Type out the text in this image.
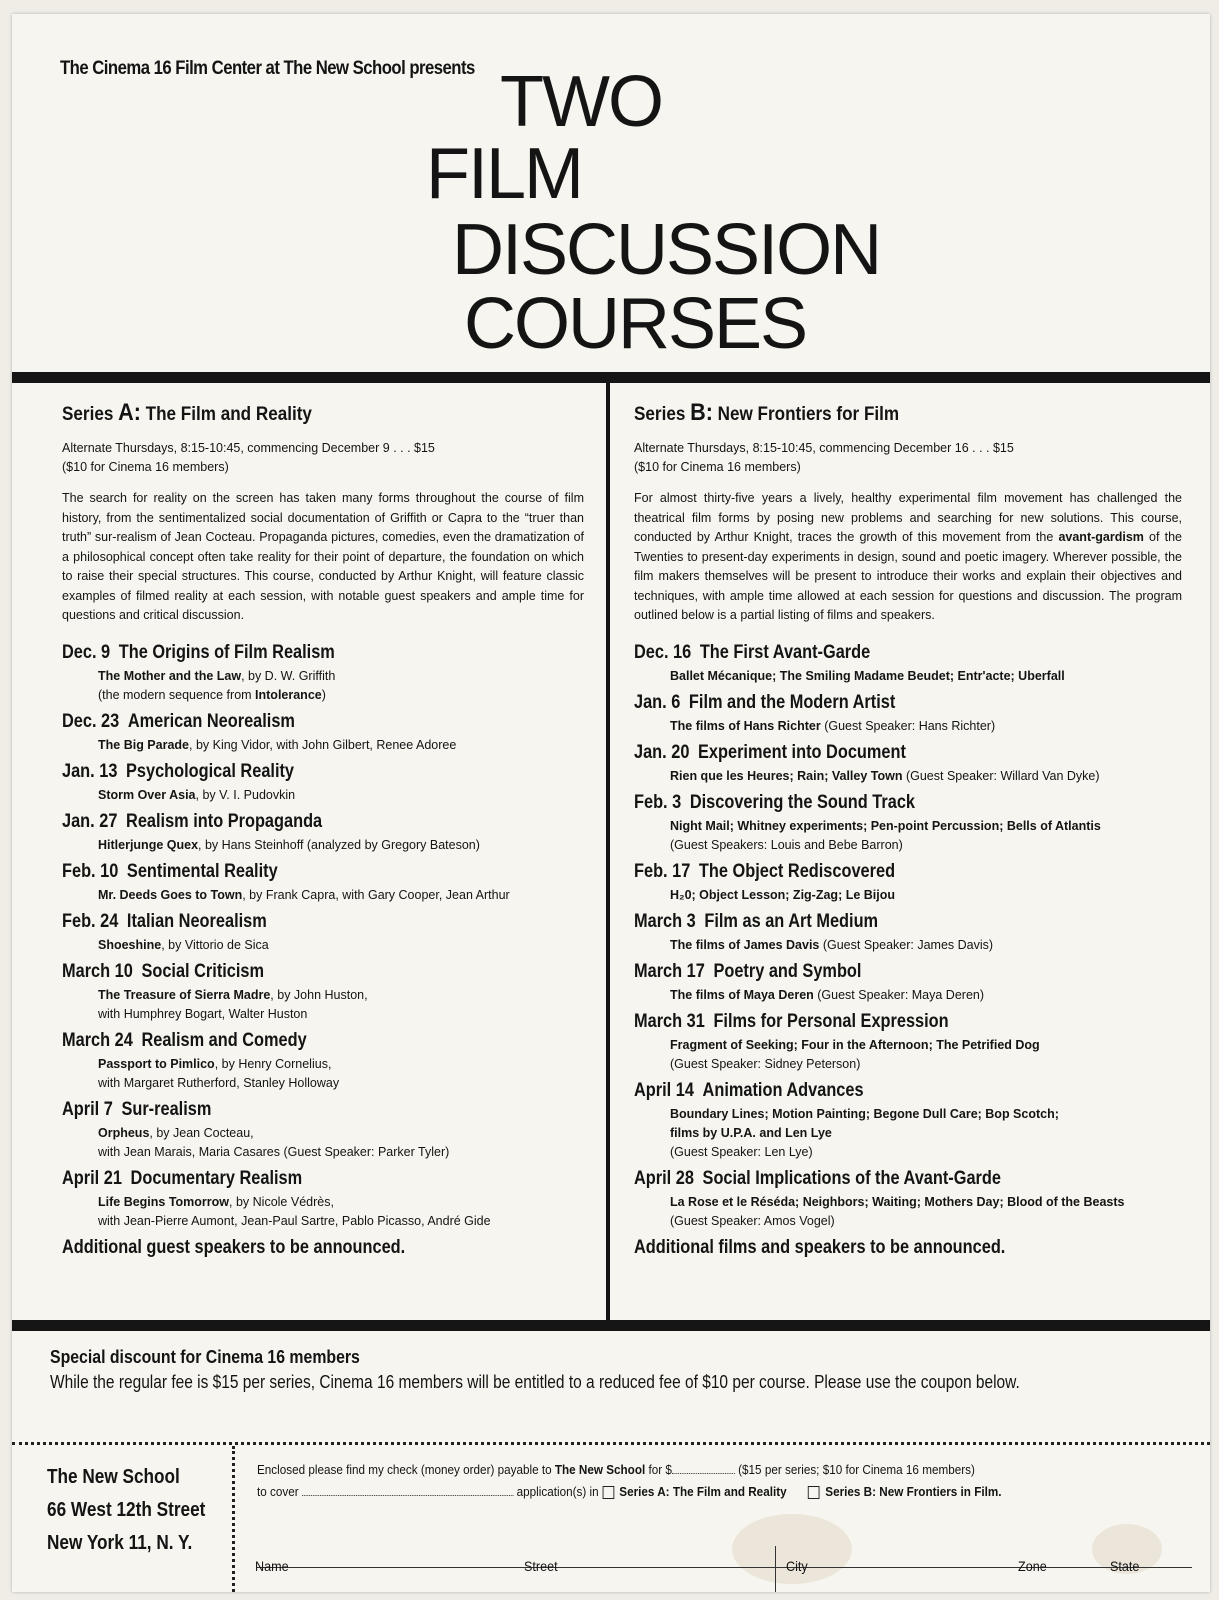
The Cinema 16 Film Center at The New School presents TWO
FILM
DISCUSSION
COURSES
Series A: The Film and Reality

Alternate Thursdays, 8:15-10:45, commencing December 9 . . . $15

($10 for Cinema 16 members)

The search for reality on the screen has taken many forms throughout the course of film history, from the sentimentalized social documentation of Griffith or Capra to the “truer than truth” sur-realism of Jean Cocteau. Propaganda pictures, comedies, even the dramatization of a philosophical concept often take reality for their point of departure, the foundation on which to raise their special structures. This course, conducted by Arthur Knight, will feature classic examples of filmed reality at each session, with notable guest speakers and ample time for questions and critical discussion.

Dec. 9 The Origins of Film Realism
The Mother and the Law, by D. W. Griffith
(the modern sequence from Intolerance)
Dec. 23 American Neorealism
The Big Parade, by King Vidor, with John Gilbert, Renee Adoree
Jan. 13 Psychological Reality
Storm Over Asia, by V. I. Pudovkin
Jan. 27 Realism into Propaganda
Hitlerjunge Quex, by Hans Steinhoff (analyzed by Gregory Bateson)
Feb. 10 Sentimental Reality
Mr. Deeds Goes to Town, by Frank Capra, with Gary Cooper, Jean Arthur
Feb. 24 Italian Neorealism
Shoeshine, by Vittorio de Sica
March 10 Social Criticism
The Treasure of Sierra Madre, by John Huston,
with Humphrey Bogart, Walter Huston
March 24 Realism and Comedy
Passport to Pimlico, by Henry Cornelius,
with Margaret Rutherford, Stanley Holloway
April 7 Sur-realism
Orpheus, by Jean Cocteau,
with Jean Marais, Maria Casares (Guest Speaker: Parker Tyler)
April 21 Documentary Realism
Life Begins Tomorrow, by Nicole Védrès,
with Jean-Pierre Aumont, Jean-Paul Sartre, Pablo Picasso, André Gide
Additional guest speakers to be announced.
Series B: New Frontiers for Film

Alternate Thursdays, 8:15-10:45, commencing December 16 . . . $15

($10 for Cinema 16 members)

For almost thirty-five years a lively, healthy experimental film movement has challenged the theatrical film forms by posing new problems and searching for new solutions. This course, conducted by Arthur Knight, traces the growth of this movement from the avant-gardism of the Twenties to present-day experiments in design, sound and poetic imagery. Wherever possible, the film makers themselves will be present to introduce their works and explain their objectives and techniques, with ample time allowed at each session for questions and discussion. The program outlined below is a partial listing of films and speakers.

Dec. 16 The First Avant-Garde
Ballet Mécanique; The Smiling Madame Beudet; Entr'acte; Uberfall
Jan. 6 Film and the Modern Artist
The films of Hans Richter (Guest Speaker: Hans Richter)
Jan. 20 Experiment into Document
Rien que les Heures; Rain; Valley Town (Guest Speaker: Willard Van Dyke)
Feb. 3 Discovering the Sound Track
Night Mail; Whitney experiments; Pen-point Percussion; Bells of Atlantis
(Guest Speakers: Louis and Bebe Barron)
Feb. 17 The Object Rediscovered
H₂0; Object Lesson; Zig-Zag; Le Bijou
March 3 Film as an Art Medium
The films of James Davis (Guest Speaker: James Davis)
March 17 Poetry and Symbol
The films of Maya Deren (Guest Speaker: Maya Deren)
March 31 Films for Personal Expression
Fragment of Seeking; Four in the Afternoon; The Petrified Dog
(Guest Speaker: Sidney Peterson)
April 14 Animation Advances
Boundary Lines; Motion Painting; Begone Dull Care; Bop Scotch;
films by U.P.A. and Len Lye
(Guest Speaker: Len Lye)
April 28 Social Implications of the Avant-Garde
La Rose et le Réséda; Neighbors; Waiting; Mothers Day; Blood of the Beasts
(Guest Speaker: Amos Vogel)
Additional films and speakers to be announced.
Special discount for Cinema 16 members
While the regular fee is $15 per series, Cinema 16 members will be entitled to a reduced fee of $10 per course. Please use the coupon below.
The New School
66 West 12th Street
New York 11, N. Y.
Enclosed please find my check (money order) payable to The New School for $	($15 per series; $10 for Cinema 16 members)
to cover	application(s) in Series A: The Film and Reality	Series B: New Frontiers in Film.
Name	Street	City	Zone	State
